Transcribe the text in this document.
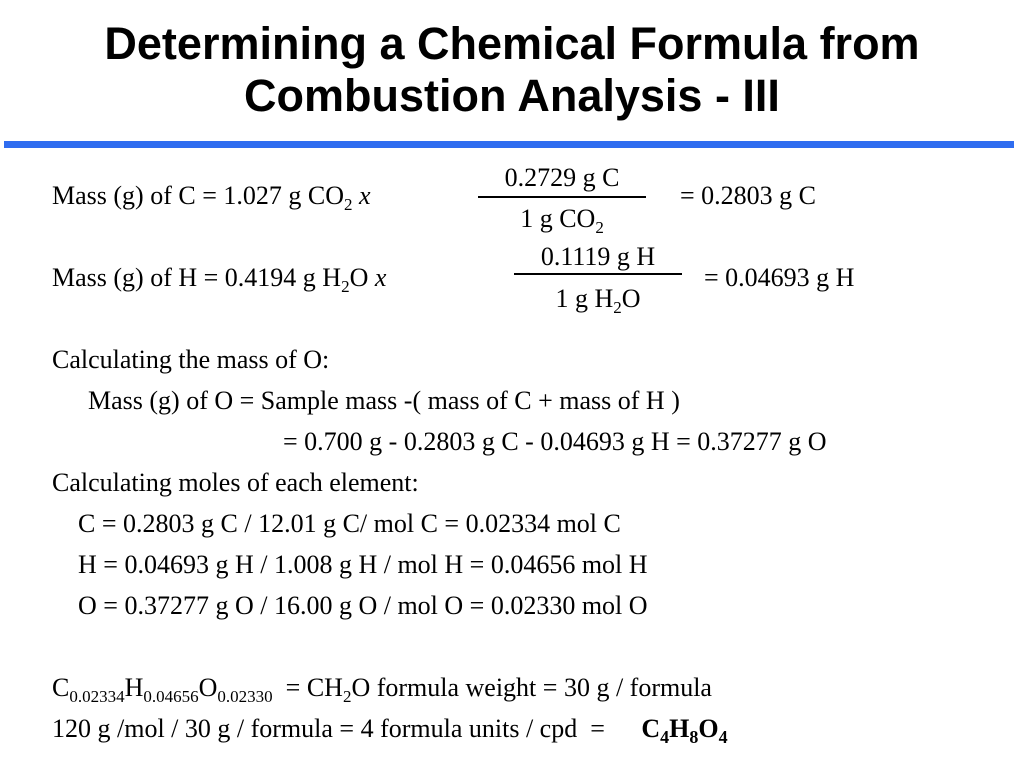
Determining a Chemical Formula from
Combustion Analysis - III
Mass (g) of C = 1.027 g $CO_2$ x
0.2729 g C
1 g $CO_2$
= 0.2803 g C
Mass (g) of H = 0.4194 g $H_2O$ x
0.1119 g H
1 g $H_2O$
= 0.04693 g H
Calculating the mass of O:
Mass (g) of O = Sample mass -( mass of C + mass of H )
= 0.700 g - 0.2803 g C - 0.04693 g H = 0.37277 g O
Calculating moles of each element:
C = 0.2803 g C / 12.01 g C/ mol C = 0.02334 mol C
H = 0.04693 g H / 1.008 g H / mol H = 0.04656 mol H
O = 0.37277 g O / 16.00 g O / mol O = 0.02330 mol O
$C_{0.02334}H_{0.04656}O_{0.02330} = CH_2O$ formula weight = 30 g / formula
120 g /mol / 30 g / formula = 4 formula units / cpd  = $C_4H_8O_4$
